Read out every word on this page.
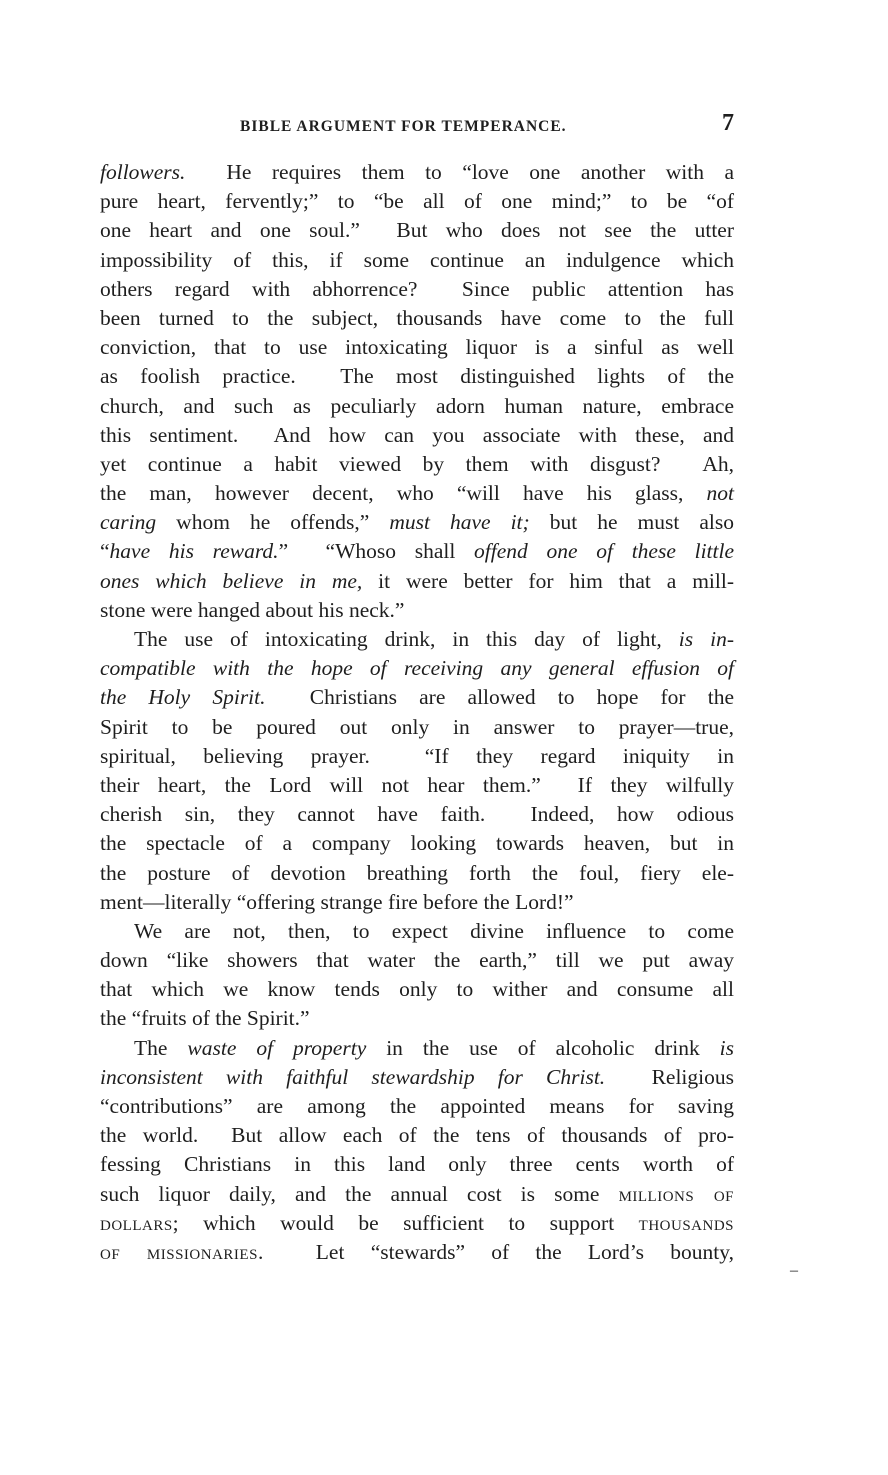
BIBLE ARGUMENT FOR TEMPERANCE.	7
followers.  He requires them to “love one another with a
pure heart, fervently;” to “be all of one mind;” to be “of
one heart and one soul.”  But who does not see the utter
impossibility of this, if some continue an indulgence which
others regard with abhorrence?  Since public attention has
been turned to the subject, thousands have come to the full
conviction, that to use intoxicating liquor is a sinful as well
as foolish practice.  The most distinguished lights of the
church, and such as peculiarly adorn human nature, embrace
this sentiment.  And how can you associate with these, and
yet continue a habit viewed by them with disgust?  Ah,
the man, however decent, who “will have his glass, not
caring whom he offends,” must have it; but he must also
“have his reward.”  “Whoso shall offend one of these little
ones which believe in me, it were better for him that a mill-
stone were hanged about his neck.”
The use of intoxicating drink, in this day of light, is in-
compatible with the hope of receiving any general effusion of
the Holy Spirit.  Christians are allowed to hope for the
Spirit to be poured out only in answer to prayer—true,
spiritual, believing prayer.  “If they regard iniquity in
their heart, the Lord will not hear them.”  If they wilfully
cherish sin, they cannot have faith.  Indeed, how odious
the spectacle of a company looking towards heaven, but in
the posture of devotion breathing forth the foul, fiery ele-
ment—literally “offering strange fire before the Lord!”
We are not, then, to expect divine influence to come
down “like showers that water the earth,” till we put away
that which we know tends only to wither and consume all
the “fruits of the Spirit.”
The waste of property in the use of alcoholic drink is
inconsistent with faithful stewardship for Christ.  Religious
“contributions” are among the appointed means for saving
the world.  But allow each of the tens of thousands of pro-
fessing Christians in this land only three cents worth of
such liquor daily, and the annual cost is some millions of
dollars; which would be sufficient to support thousands
of missionaries.  Let “stewards” of the Lord’s bounty,
‒
